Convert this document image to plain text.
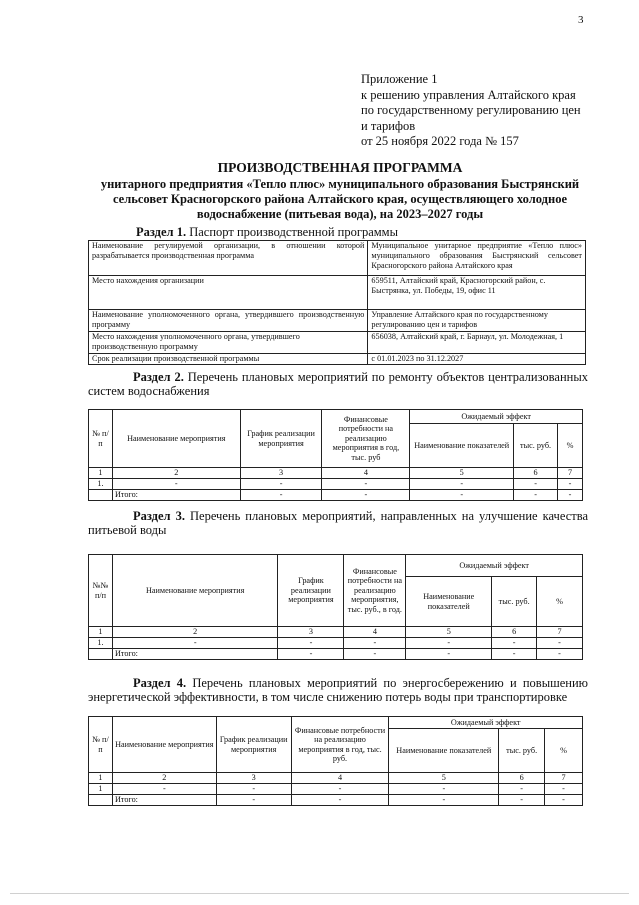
3
Приложение 1
к решению управления Алтайского края
по государственному регулированию цен
и тарифов
от 25 ноября 2022 года № 157
ПРОИЗВОДСТВЕННАЯ ПРОГРАММА
унитарного предприятия «Тепло плюс» муниципального образования Быстрянский
сельсовет Красногорского района Алтайского края, осуществляющего холодное
водоснабжение (питьевая вода), на 2023–2027 годы
Раздел 1. Паспорт производственной программы
Наименование регулируемой организации, в отношении которой разрабатывается производственная программа	Муниципальное унитарное предприятие «Тепло плюс» муниципального образования Быстрянский сельсовет Красногорского района Алтайского края
Место нахождения организации	659511, Алтайский край, Красногорский район, с. Быстрянка, ул. Победы, 19, офис 11
Наименование уполномоченного органа, утвердившего производственную программу	Управление Алтайского края по государственному регулированию цен и тарифов
Место нахождения уполномоченного органа, утвердившего производственную программу	656038, Алтайский край, г. Барнаул, ул. Молодежная, 1
Срок реализации производственной программы	с 01.01.2023 по 31.12.2027
Раздел 2. Перечень плановых мероприятий по ремонту объектов централизованных систем водоснабжения
№ п/п	Наименование мероприятия	График реализации мероприятия	Финансовые потребности на реализацию мероприятия в год, тыс. руб	Ожидаемый эффект		
				Наименование показателей	тыс. руб.	%
1	2	3	4	5	6	7
1.	-	-	-	-	-	-
	Итого:	-	-	-	-	-
Раздел 3. Перечень плановых мероприятий, направленных на улучшение качества питьевой воды
№№ п/п	Наименование мероприятия	График реализации мероприятия	Финансовые потребности на реализацию мероприятия, тыс. руб., в год.	Ожидаемый эффект		
				Наименование показателей	тыс. руб.	%
1	2	3	4	5	6	7
1.	-	-	-	-	-	-
	Итого:	-	-	-	-	-
Раздел 4. Перечень плановых мероприятий по энергосбережению и повышению энергетической эффективности, в том числе снижению потерь воды при транспортировке
№ п/п	Наименование мероприятия	График реализации мероприятия	Финансовые потребности на реализацию мероприятия в год, тыс. руб.	Ожидаемый эффект		
				Наименование показателей	тыс. руб.	%
1	2	3	4	5	6	7
1	-	-	-	-	-	-
	Итого:	-	-	-	-	-
